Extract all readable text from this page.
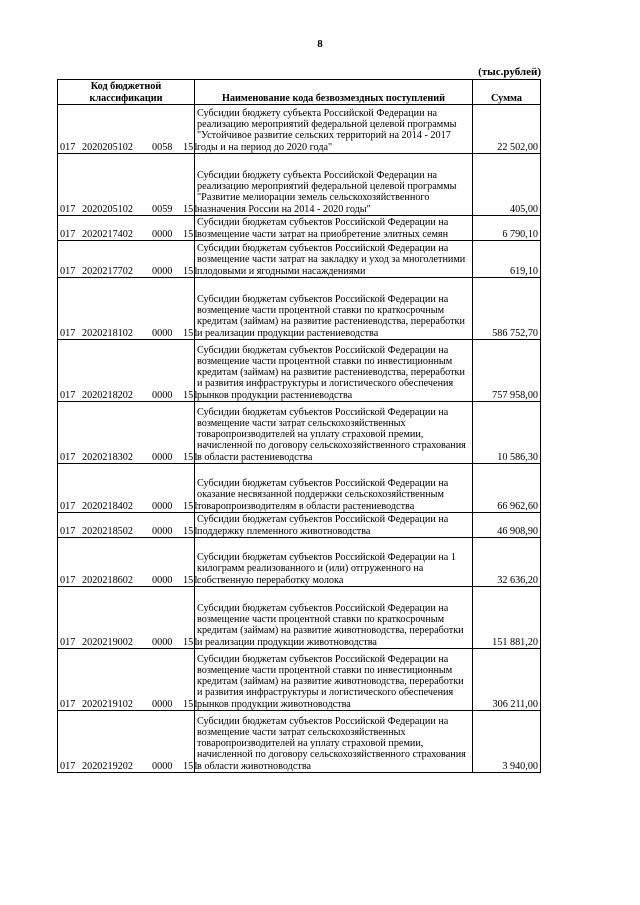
8
(тыс.рублей)
Код бюджетной классификации	Наименование кода безвозмездных поступлений	Сумма
017 2020205102 0058 151	Субсидии бюджету субъекта Российской Федерации на реализацию мероприятий федеральной целевой программы "Устойчивое развитие сельских территорий на 2014 - 2017 годы и на период до 2020 года"	22 502,00
017 2020205102 0059 151	Субсидии бюджету субъекта Российской Федерации на реализацию мероприятий федеральной целевой программы "Развитие мелиорации земель сельскохозяйственного назначения России на 2014 - 2020 годы"	405,00
017 2020217402 0000 151	Субсидии бюджетам субъектов Российской Федерации на возмещение части затрат на приобретение элитных семян	6 790,10
017 2020217702 0000 151	Субсидии бюджетам субъектов Российской Федерации на возмещение части затрат на закладку и уход за многолетними плодовыми и ягодными насаждениями	619,10
017 2020218102 0000 151	Субсидии бюджетам субъектов Российской Федерации на возмещение части процентной ставки по краткосрочным кредитам (займам) на развитие растениеводства, переработки и реализации продукции растениеводства	586 752,70
017 2020218202 0000 151	Субсидии бюджетам субъектов Российской Федерации на возмещение части процентной ставки по инвестиционным кредитам (займам) на развитие растениеводства, переработки и развития инфраструктуры и логистического обеспечения рынков продукции растениеводства	757 958,00
017 2020218302 0000 151	Субсидии бюджетам субъектов Российской Федерации на возмещение части затрат сельскохозяйственных товаропроизводителей на уплату страховой премии, начисленной по договору сельскохозяйственного страхования в области растениеводства	10 586,30
017 2020218402 0000 151	Субсидии бюджетам субъектов Российской Федерации на оказание несвязанной поддержки сельскохозяйственным товаропроизводителям в области растениеводства	66 962,60
017 2020218502 0000 151	Субсидии бюджетам субъектов Российской Федерации на поддержку племенного животноводства	46 908,90
017 2020218602 0000 151	Субсидии бюджетам субъектов Российской Федерации на 1 килограмм реализованного и (или) отгруженного на собственную переработку молока	32 636,20
017 2020219002 0000 151	Субсидии бюджетам субъектов Российской Федерации на возмещение части процентной ставки по краткосрочным кредитам (займам) на развитие животноводства, переработки и реализации продукции животноводства	151 881,20
017 2020219102 0000 151	Субсидии бюджетам субъектов Российской Федерации на возмещение части процентной ставки по инвестиционным кредитам (займам) на развитие животноводства, переработки и развития инфраструктуры и логистического обеспечения рынков продукции животноводства	306 211,00
017 2020219202 0000 151	Субсидии бюджетам субъектов Российской Федерации на возмещение части затрат сельскохозяйственных товаропроизводителей на уплату страховой премии, начисленной по договору сельскохозяйственного страхования в области животноводства	3 940,00
